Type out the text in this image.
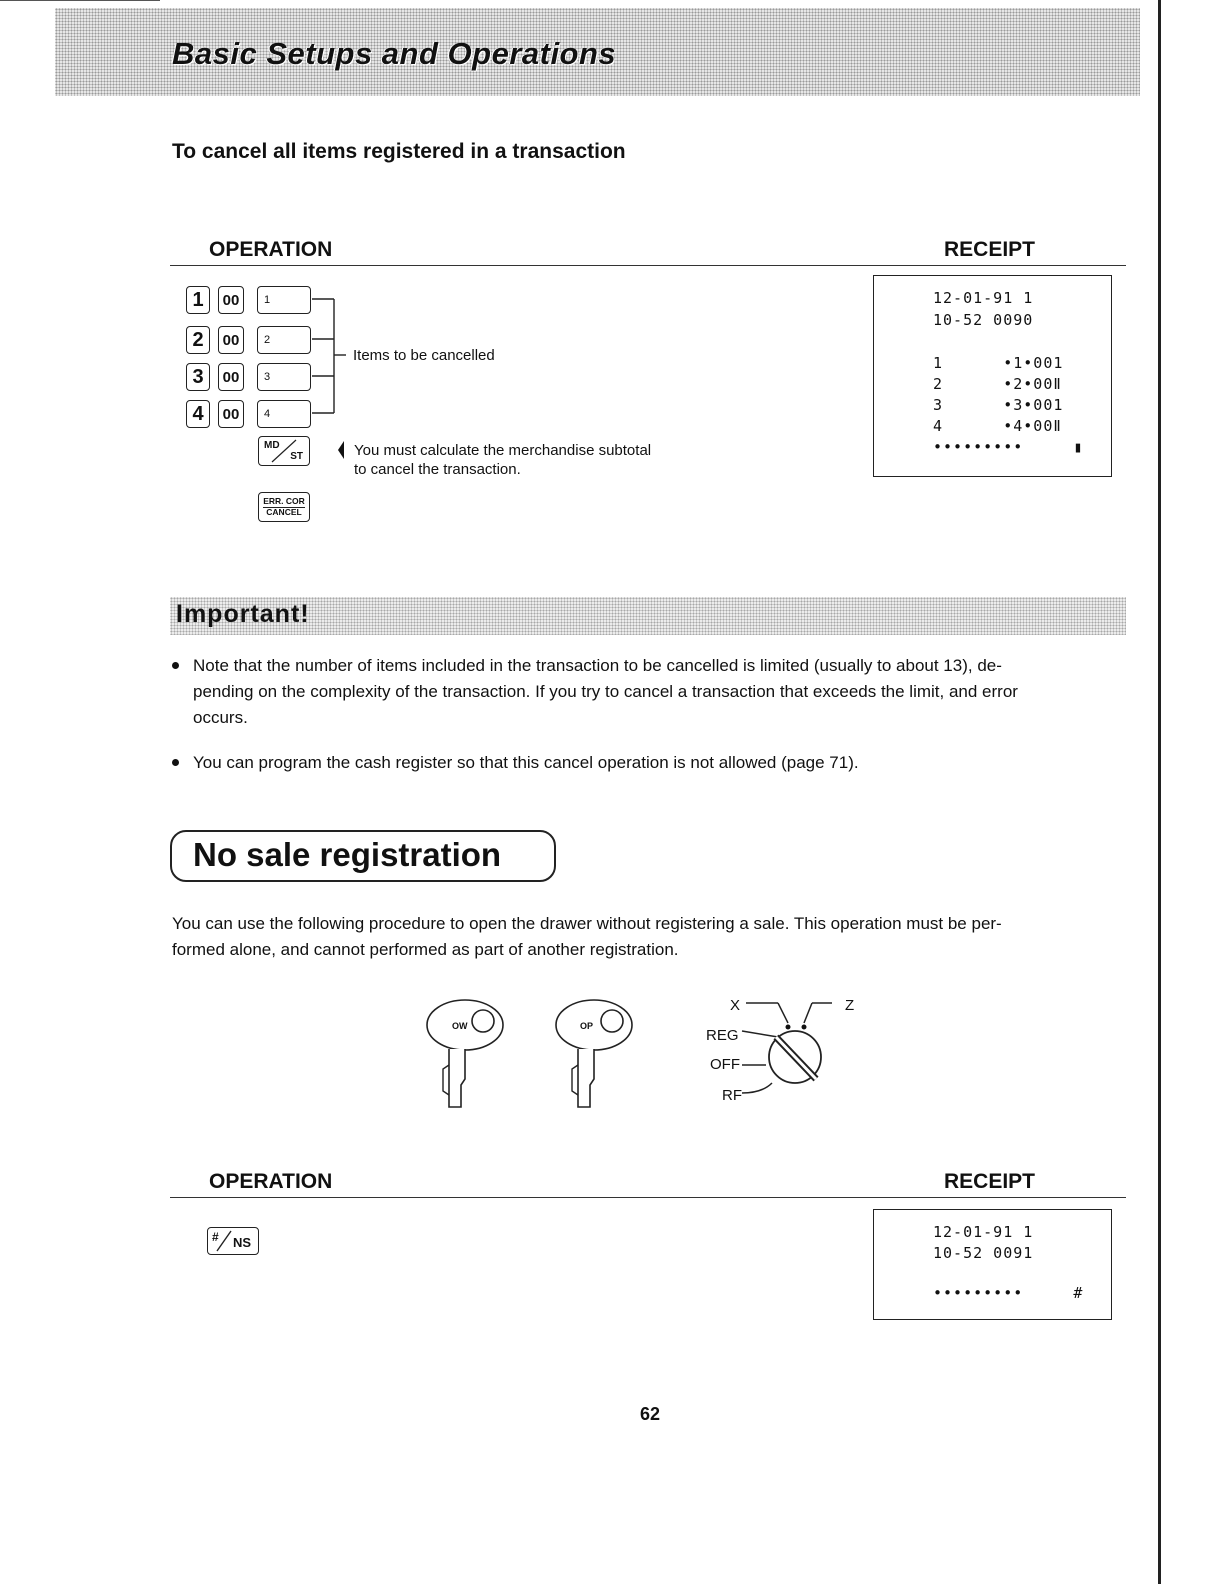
Basic Setups and Operations
To cancel all items registered in a transaction
OPERATION	RECEIPT
1	00	1
2	00	2
3	00	3
4	00	4
Items to be cancelled
MD
ST	You must calculate the merchandise subtotal
to cancel the transaction.
ERR. COR
CANCEL
12-01-91 1
10-52 0090
1      •1•001
2      •2•00Ⅱ
3      •3•001
4      •4•00Ⅱ
•••••••••     ▮
Important!
Note that the number of items included in the transaction to be cancelled is limited (usually to about 13), de-
pending on the complexity of the transaction. If you try to cancel a transaction that exceeds the limit, and error
occurs.
You can program the cash register so that this cancel operation is not allowed (page 71).
No sale registration
You can use the following procedure to open the drawer without registering a sale. This operation must be per-
formed alone, and cannot performed as part of another registration.
OW	OP
X	Z
REG
OFF
RF
OPERATION	RECEIPT
# NS
12-01-91 1
10-52 0091
•••••••••     #
62
